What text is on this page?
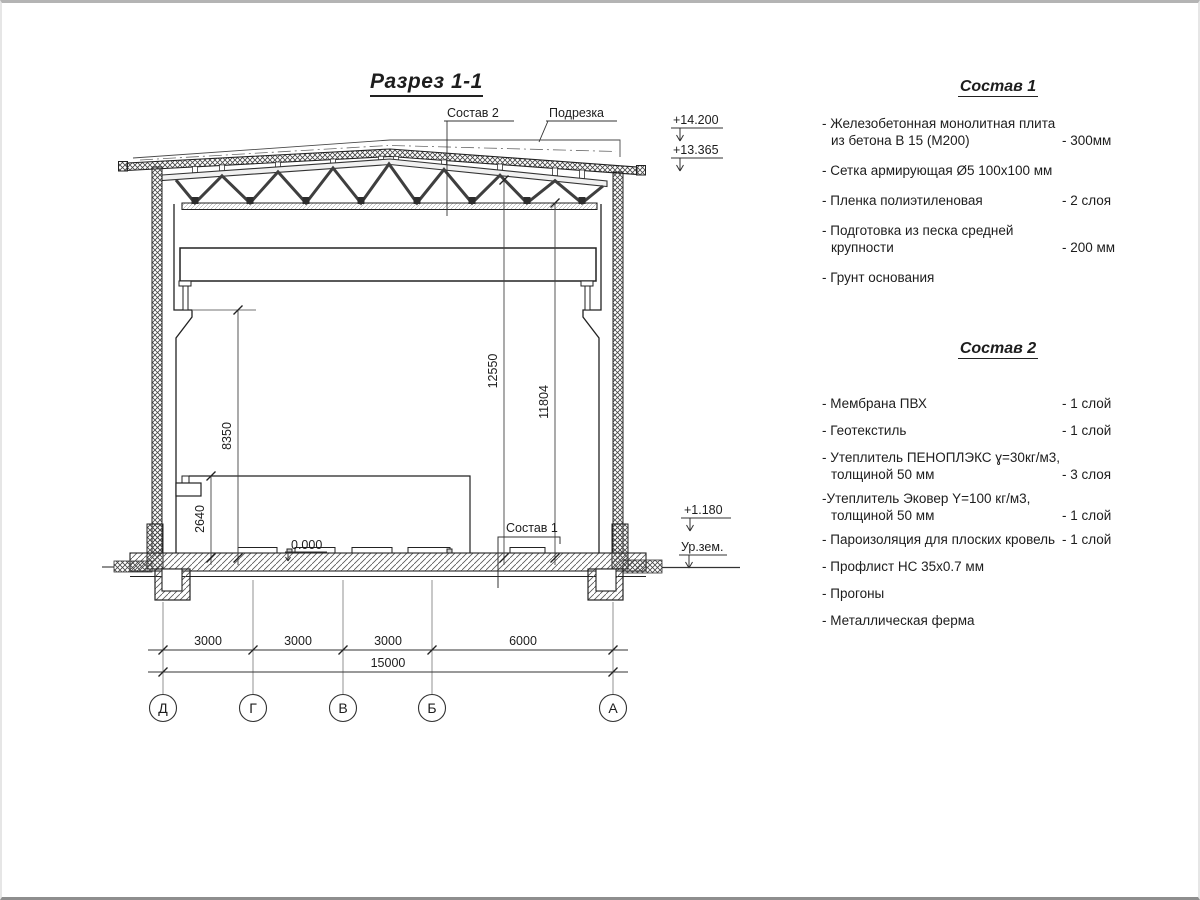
Разрез 1-1
8350
2640
12550
11804
Состав 2	Подрезка
Состав 1
0.000
+14.200
+13.365
+1.180
Ур.зем.
3000	3000	3000	6000
15000
Д	Г	В	Б	А
Состав 1
- Железобетонная монолитная плита
из бетона В 15 (М200)	- 300мм
- Сетка армирующая Ø5 100х100 мм
- Пленка полиэтиленовая	- 2 слоя
- Подготовка из песка средней
крупности	- 200 мм
- Грунт основания
Состав 2
- Мембрана ПВХ	- 1 слой
- Геотекстиль	- 1 слой
- Утеплитель ПЕНОПЛЭКС ɣ=30кг/м3,
толщиной 50 мм	- 3 слоя
-Утеплитель Эковер Y=100 кг/м3,
толщиной 50 мм	- 1 слой
- Пароизоляция для плоских кровель - 1 слой
- Профлист НС 35х0.7 мм
- Прогоны
- Металлическая ферма
